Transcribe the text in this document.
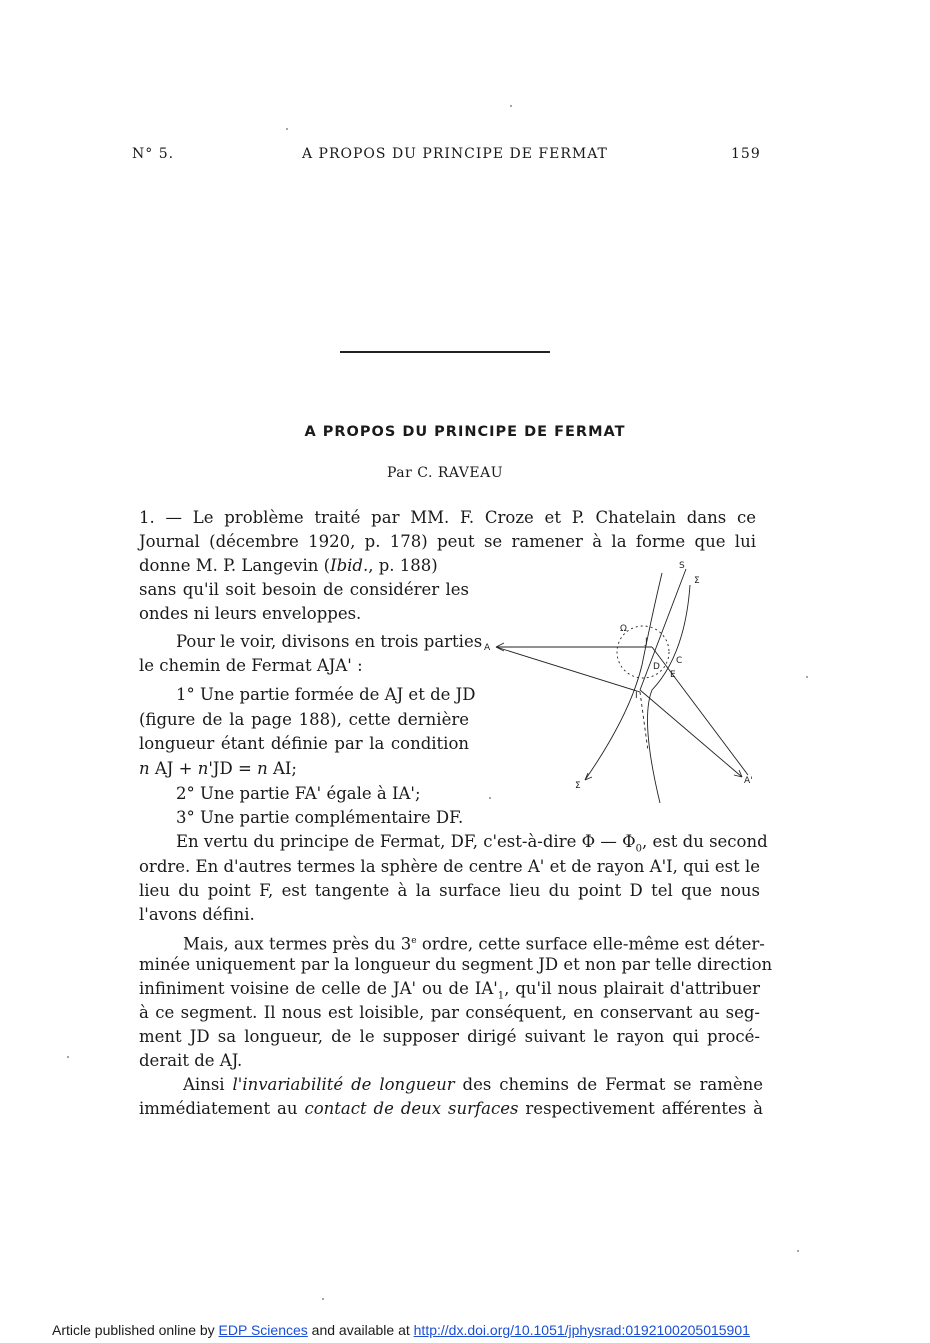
N° 5.	A PROPOS DU PRINCIPE DE FERMAT	159
A PROPOS DU PRINCIPE DE FERMAT
Par C. RAVEAU
1. — Le problème traité par MM. F. Croze et P. Chatelain dans ce
Journal (décembre 1920, p. 178) peut se ramener à la forme que lui
donne M. P. Langevin (Ibid., p. 188)
sans qu'il soit besoin de considérer les
ondes ni leurs enveloppes.
Pour le voir, divisons en trois parties
le chemin de Fermat AJA' :
1° Une partie formée de AJ et de JD
(figure de la page 188), cette dernière
longueur étant définie par la condition
n AJ + n'JD = n AI;
2° Une partie FA' égale à IA';
3° Une partie complémentaire DF.
En vertu du principe de Fermat, DF, c'est-à-dire Φ — $\Phi_0$, est du second
ordre. En d'autres termes la sphère de centre A' et de rayon A'I, qui est le
lieu du point F, est tangente à la surface lieu du point D tel que nous
l'avons défini.
Mais, aux termes près du 3e ordre, cette surface elle-même est déter-
minée uniquement par la longueur du segment JD et non par telle direction
infiniment voisine de celle de JA' ou de $IA'_1$, qu'il nous plairait d'attribuer
à ce segment. Il nous est loisible, par conséquent, en conservant au seg-
ment JD sa longueur, de le supposer dirigé suivant le rayon qui procé-
derait de AJ.
Ainsi l'invariabilité de longueur des chemins de Fermat se ramène
immédiatement au contact de deux surfaces respectivement afférentes à
A
A'
S
Σ
Σ
Ω
J
D
C
E
I
Article published online by EDP Sciences and available at http://dx.doi.org/10.1051/jphysrad:0192100205015901
